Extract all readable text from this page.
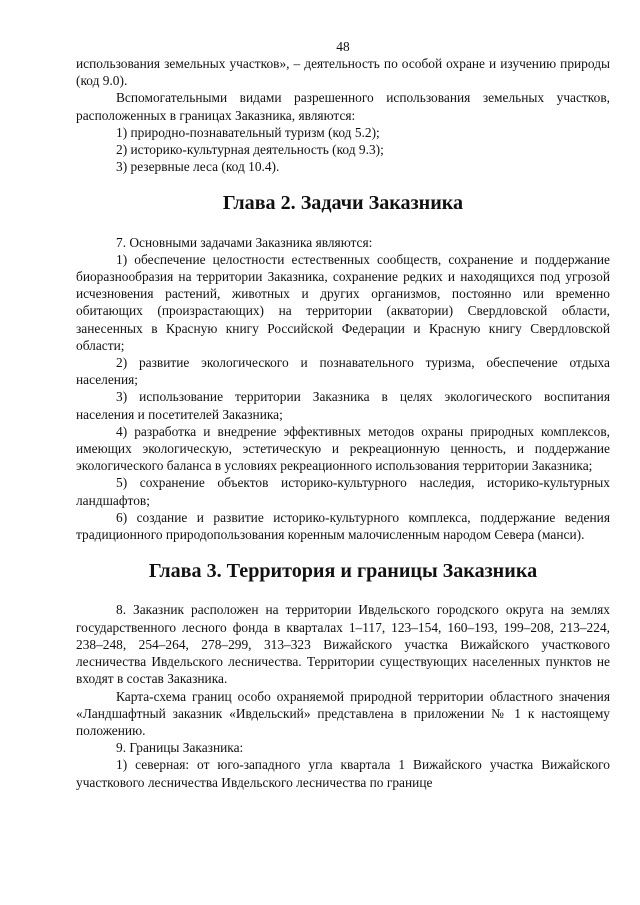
48

использования земельных участков», – деятельность по особой охране и изучению природы (код 9.0).

Вспомогательными видами разрешенного использования земельных участков, расположенных в границах Заказника, являются:

1) природно-познавательный туризм (код 5.2);

2) историко-культурная деятельность (код 9.3);

3) резервные леса (код 10.4).

Глава 2. Задачи Заказника

7. Основными задачами Заказника являются:

1) обеспечение целостности естественных сообществ, сохранение и поддержание биоразнообразия на территории Заказника, сохранение редких и находящихся под угрозой исчезновения растений, животных и других организмов, постоянно или временно обитающих (произрастающих) на территории (акватории) Свердловской области, занесенных в Красную книгу Российской Федерации и Красную книгу Свердловской области;

2) развитие экологического и познавательного туризма, обеспечение отдыха населения;

3) использование территории Заказника в целях экологического воспитания населения и посетителей Заказника;

4) разработка и внедрение эффективных методов охраны природных комплексов, имеющих экологическую, эстетическую и рекреационную ценность, и поддержание экологического баланса в условиях рекреационного использования территории Заказника;

5) сохранение объектов историко-культурного наследия, историко-культурных ландшафтов;

6) создание и развитие историко-культурного комплекса, поддержание ведения традиционного природопользования коренным малочисленным народом Севера (манси).

Глава 3. Территория и границы Заказника

8. Заказник расположен на территории Ивдельского городского округа на землях государственного лесного фонда в кварталах 1–117, 123–154, 160–193, 199–208, 213–224, 238–248, 254–264, 278–299, 313–323 Вижайского участка Вижайского участкового лесничества Ивдельского лесничества. Территории существующих населенных пунктов не входят в состав Заказника.

Карта-схема границ особо охраняемой природной территории областного значения «Ландшафтный заказник «Ивдельский» представлена в приложении № 1 к настоящему положению.

9. Границы Заказника:

1) северная: от юго-западного угла квартала 1 Вижайского участка Вижайского участкового лесничества Ивдельского лесничества по границе
